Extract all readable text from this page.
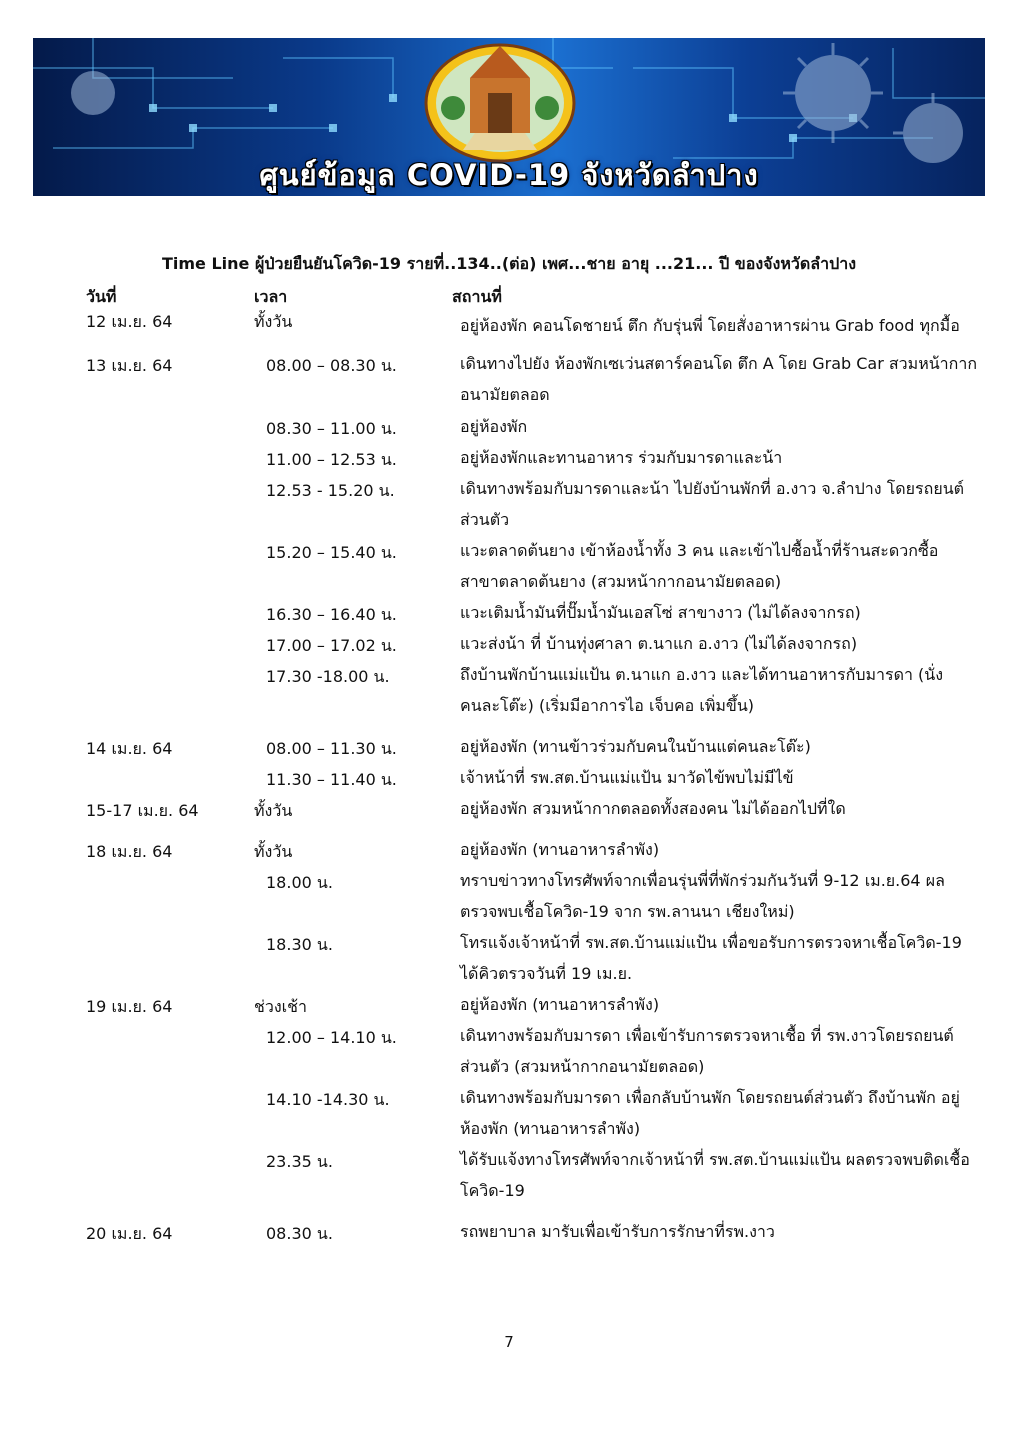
ศูนย์ข้อมูล COVID-19 จังหวัดลำปาง
Time Line ผู้ป่วยยืนยันโควิด-19 รายที่..134..(ต่อ) เพศ...ชาย อายุ ...21... ปี ของจังหวัดลำปาง
วันที่	เวลา	สถานที่
12 เม.ย. 64	ทั้งวัน	อยู่ห้องพัก คอนโดชายน์ ตึก กับรุ่นพี่ โดยสั่งอาหารผ่าน Grab food ทุกมื้อ
13 เม.ย. 64	08.00 – 08.30 น.	เดินทางไปยัง ห้องพักเซเว่นสตาร์คอนโด ตึก A โดย Grab Car สวมหน้ากากอนามัยตลอด
08.30 – 11.00 น.	อยู่ห้องพัก
11.00 – 12.53 น.	อยู่ห้องพักและทานอาหาร ร่วมกับมารดาและน้า
12.53 - 15.20 น.	เดินทางพร้อมกับมารดาและน้า ไปยังบ้านพักที่ อ.งาว จ.ลำปาง โดยรถยนต์ส่วนตัว
15.20 – 15.40 น.	แวะตลาดต้นยาง เข้าห้องน้ำทั้ง 3 คน และเข้าไปซื้อน้ำที่ร้านสะดวกซื้อ สาขาตลาดต้นยาง (สวมหน้ากากอนามัยตลอด)
16.30 – 16.40 น.	แวะเติมน้ำมันที่ปั๊มน้ำมันเอสโซ่ สาขางาว (ไม่ได้ลงจากรถ)
17.00 – 17.02 น.	แวะส่งน้า ที่ บ้านทุ่งศาลา ต.นาแก อ.งาว (ไม่ได้ลงจากรถ)
17.30 -18.00 น.	ถึงบ้านพักบ้านแม่แป้น ต.นาแก อ.งาว และได้ทานอาหารกับมารดา (นั่งคนละโต๊ะ) (เริ่มมีอาการไอ เจ็บคอ เพิ่มขึ้น)
14 เม.ย. 64	08.00 – 11.30 น.	อยู่ห้องพัก (ทานข้าวร่วมกับคนในบ้านแต่คนละโต๊ะ)
11.30 – 11.40 น.	เจ้าหน้าที่ รพ.สต.บ้านแม่แป้น มาวัดไข้พบไม่มีไข้
15-17 เม.ย. 64	ทั้งวัน	อยู่ห้องพัก สวมหน้ากากตลอดทั้งสองคน ไม่ได้ออกไปที่ใด
18 เม.ย. 64	ทั้งวัน	อยู่ห้องพัก (ทานอาหารลำพัง)
18.00 น.	ทราบข่าวทางโทรศัพท์จากเพื่อนรุ่นพี่ที่พักร่วมกันวันที่ 9-12 เม.ย.64 ผลตรวจพบเชื้อโควิด-19 จาก รพ.ลานนา เชียงใหม่)
18.30 น.	โทรแจ้งเจ้าหน้าที่ รพ.สต.บ้านแม่แป้น เพื่อขอรับการตรวจหาเชื้อโควิด-19 ได้คิวตรวจวันที่ 19 เม.ย.
19 เม.ย. 64	ช่วงเช้า	อยู่ห้องพัก (ทานอาหารลำพัง)
12.00 – 14.10 น.	เดินทางพร้อมกับมารดา เพื่อเข้ารับการตรวจหาเชื้อ ที่ รพ.งาวโดยรถยนต์ส่วนตัว (สวมหน้ากากอนามัยตลอด)
14.10 -14.30 น.	เดินทางพร้อมกับมารดา เพื่อกลับบ้านพัก โดยรถยนต์ส่วนตัว ถึงบ้านพัก อยู่ห้องพัก (ทานอาหารลำพัง)
23.35 น.	ได้รับแจ้งทางโทรศัพท์จากเจ้าหน้าที่ รพ.สต.บ้านแม่แป้น ผลตรวจพบติดเชื้อโควิด-19
20 เม.ย. 64	08.30 น.	รถพยาบาล มารับเพื่อเข้ารับการรักษาที่รพ.งาว
7
